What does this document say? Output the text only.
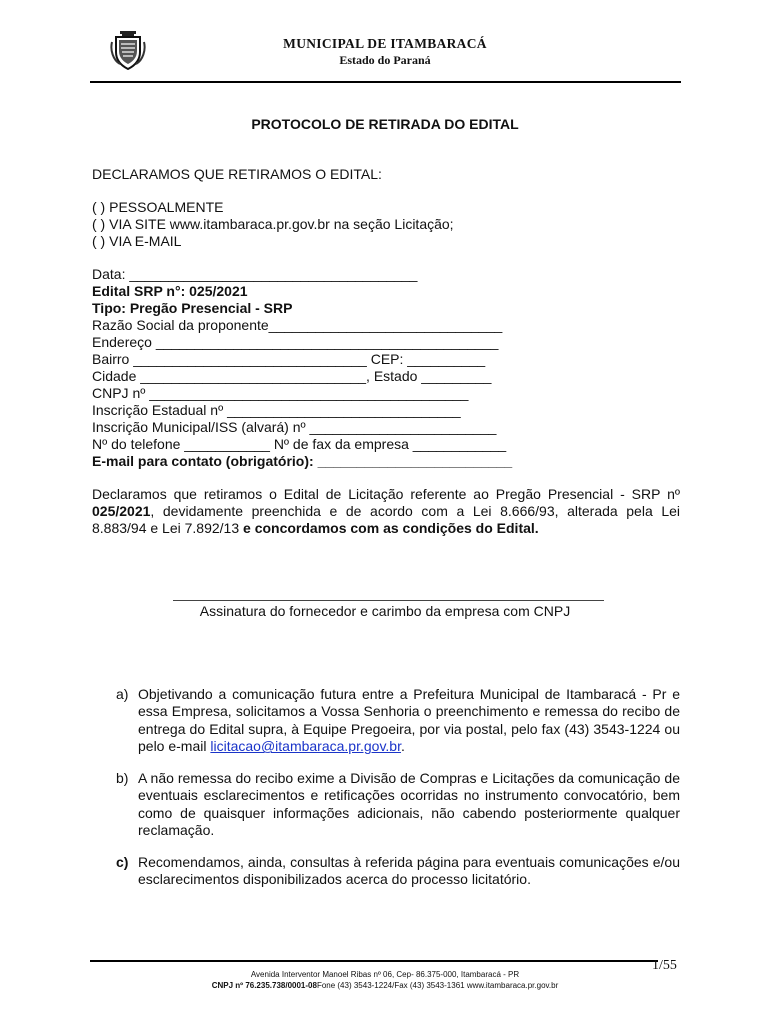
MUNICIPAL DE ITAMBARACÁ
Estado do Paraná
PROTOCOLO DE RETIRADA DO EDITAL
DECLARAMOS QUE RETIRAMOS O EDITAL:
( ) PESSOALMENTE
( ) VIA SITE www.itambaraca.pr.gov.br na seção Licitação;
( ) VIA E-MAIL
Data: _____________________________________
Edital SRP n°: 025/2021
Tipo: Pregão Presencial - SRP
Razão Social da proponente______________________________
Endereço ____________________________________________
Bairro ______________________________ CEP: __________
Cidade _____________________________, Estado _________
CNPJ nº _________________________________________
Inscrição Estadual nº ______________________________
Inscrição Municipal/ISS (alvará) nº ________________________
Nº do telefone ___________ Nº de fax da empresa ____________
E-mail para contato (obrigatório): _________________________
Declaramos que retiramos o Edital de Licitação referente ao Pregão Presencial - SRP nº 025/2021, devidamente preenchida e de acordo com a Lei 8.666/93, alterada pela Lei 8.883/94 e Lei 7.892/13 e concordamos com as condições do Edital.
Assinatura do fornecedor e carimbo da empresa com CNPJ
a) Objetivando a comunicação futura entre a Prefeitura Municipal de Itambaracá - Pr e essa Empresa, solicitamos a Vossa Senhoria o preenchimento e remessa do recibo de entrega do Edital supra, à Equipe Pregoeira, por via postal, pelo fax (43) 3543-1224 ou pelo e-mail licitacao@itambaraca.pr.gov.br.
b) A não remessa do recibo exime a Divisão de Compras e Licitações da comunicação de eventuais esclarecimentos e retificações ocorridas no instrumento convocatório, bem como de quaisquer informações adicionais, não cabendo posteriormente qualquer reclamação.
c) Recomendamos, ainda, consultas à referida página para eventuais comunicações e/ou esclarecimentos disponibilizados acerca do processo licitatório.
1/55
Avenida Interventor Manoel Ribas nº 06, Cep- 86.375-000, Itambaracá - PR
CNPJ nº 76.235.738/0001-08Fone (43) 3543-1224/Fax (43) 3543-1361 www.itambaraca.pr.gov.br
